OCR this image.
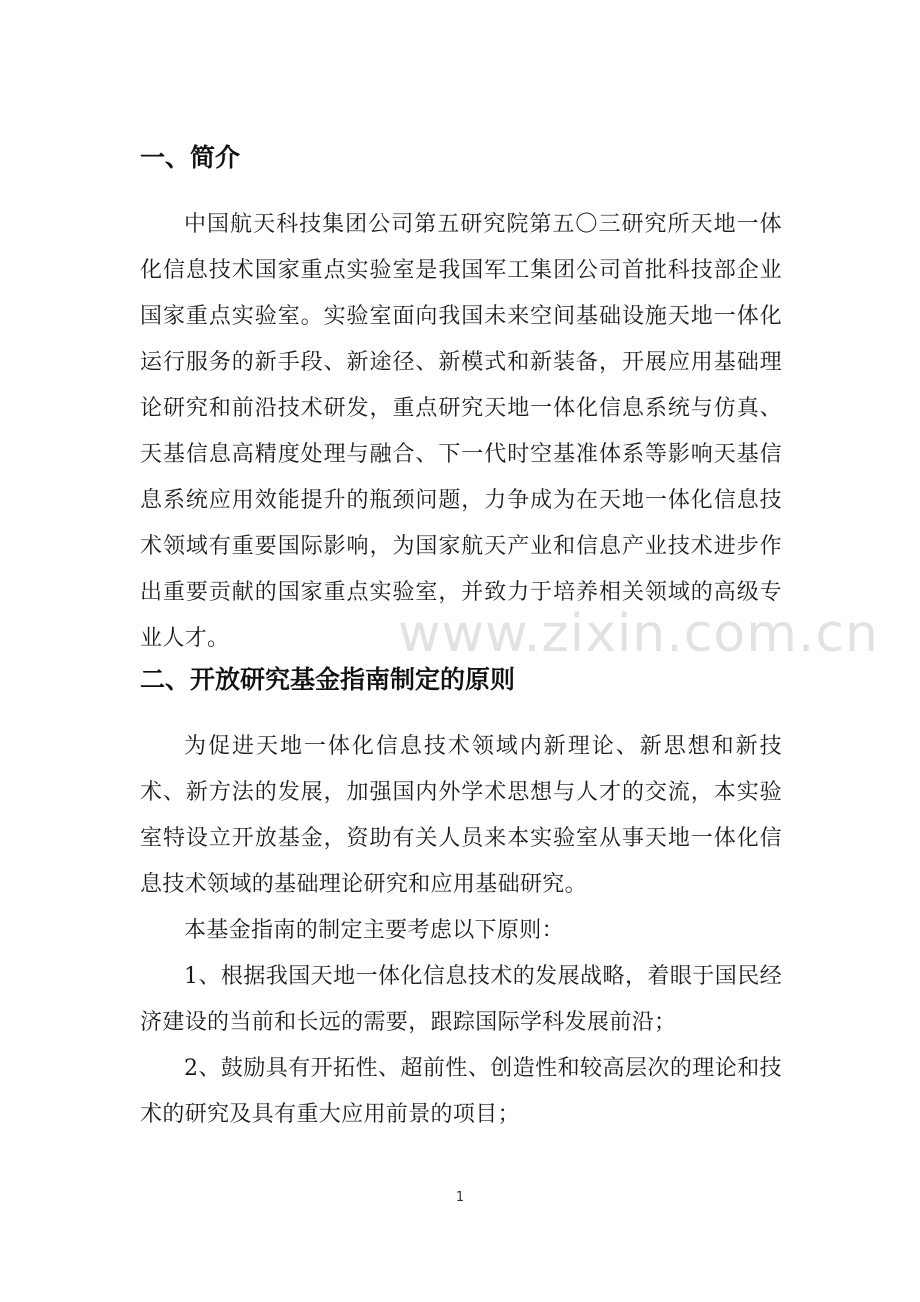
一、简介

中国航天科技集团公司第五研究院第五〇三研究所天地一体化信息技术国家重点实验室是我国军工集团公司首批科技部企业国家重点实验室。实验室面向我国未来空间基础设施天地一体化运行服务的新手段、新途径、新模式和新装备，开展应用基础理论研究和前沿技术研发，重点研究天地一体化信息系统与仿真、天基信息高精度处理与融合、下一代时空基准体系等影响天基信息系统应用效能提升的瓶颈问题，力争成为在天地一体化信息技术领域有重要国际影响，为国家航天产业和信息产业技术进步作出重要贡献的国家重点实验室，并致力于培养相关领域的高级专业人才。	www.zixin.com.cn
二、开放研究基金指南制定的原则

为促进天地一体化信息技术领域内新理论、新思想和新技术、新方法的发展，加强国内外学术思想与人才的交流，本实验室特设立开放基金，资助有关人员来本实验室从事天地一体化信息技术领域的基础理论研究和应用基础研究。

本基金指南的制定主要考虑以下原则：

1、根据我国天地一体化信息技术的发展战略，着眼于国民经济建设的当前和长远的需要，跟踪国际学科发展前沿；

2、鼓励具有开拓性、超前性、创造性和较高层次的理论和技术的研究及具有重大应用前景的项目；

1
